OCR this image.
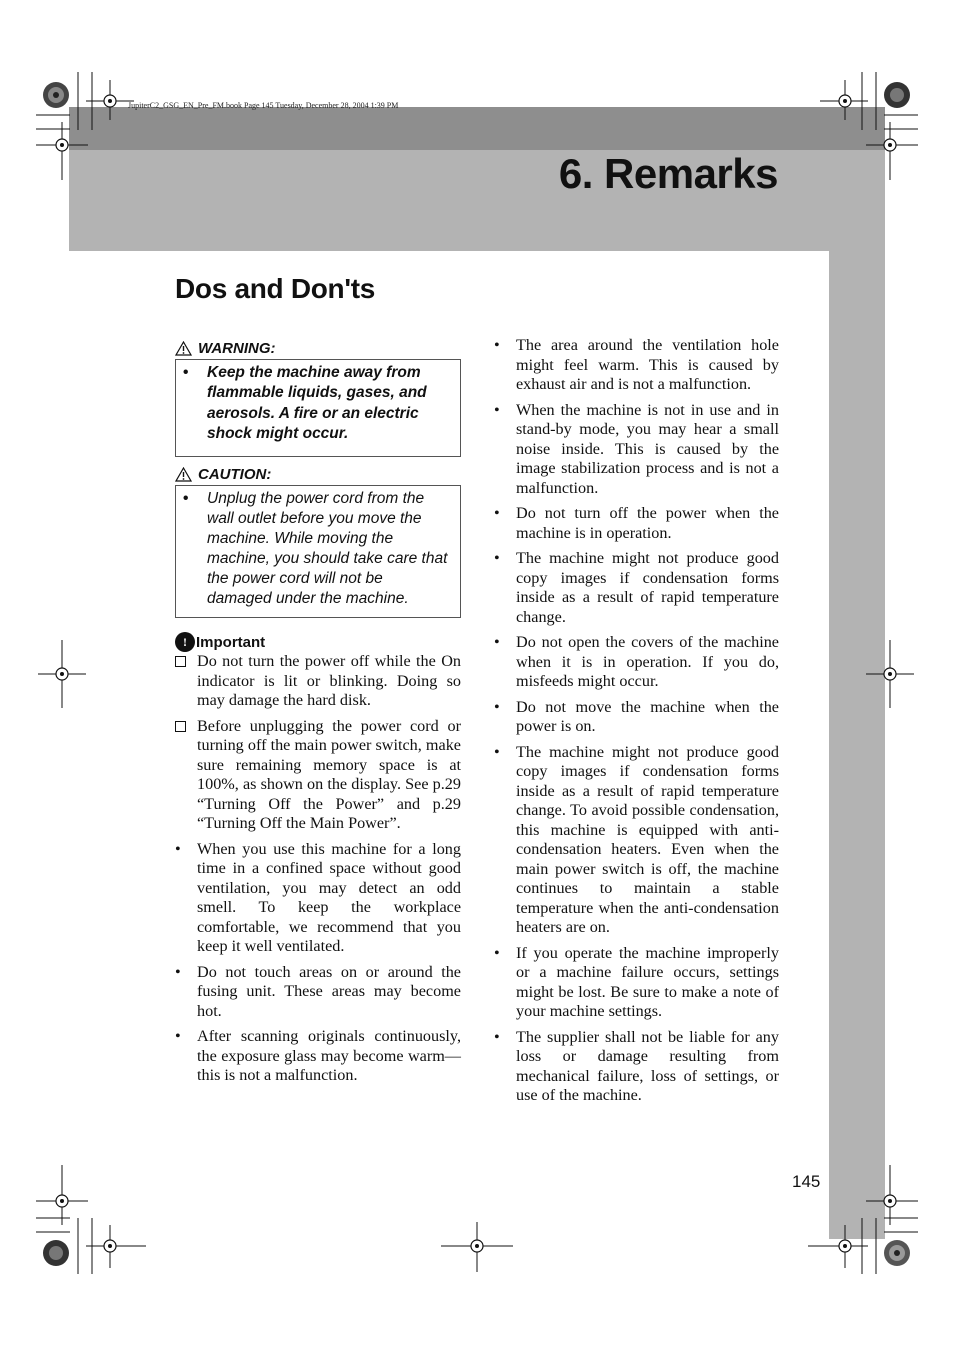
JupiterC2_GSG_EN_Pre_FM.book Page 145 Tuesday, December 28, 2004 1:39 PM
6. Remarks
Dos and Don'ts
WARNING:
•	Keep the machine away from flammable liquids, gases, and aerosols. A fire or an electric shock might occur.
CAUTION:
•	Unplug the power cord from the wall outlet before you move the machine. While moving the machine, you should take care that the power cord will not be damaged under the machine.
! Important
Do not turn the power off while the On indicator is lit or blinking. Doing so may damage the hard disk.
Before unplugging the power cord or turning off the main power switch, make sure remaining memory space is at 100%, as shown on the display. See p.29 “Turning Off the Power” and p.29 “Turning Off the Main Power”.
•	When you use this machine for a long time in a confined space without good ventilation, you may detect an odd smell. To keep the workplace comfortable, we recommend that you keep it well ventilated.
•	Do not touch areas on or around the fusing unit. These areas may become hot.
•	After scanning originals continuously, the exposure glass may become warm—this is not a malfunction.
•	The area around the ventilation hole might feel warm. This is caused by exhaust air and is not a malfunction.
•	When the machine is not in use and in stand-by mode, you may hear a small noise inside. This is caused by the image stabilization process and is not a malfunction.
•	Do not turn off the power when the machine is in operation.
•	The machine might not produce good copy images if condensation forms inside as a result of rapid temperature change.
•	Do not open the covers of the machine when it is in operation. If you do, misfeeds might occur.
•	Do not move the machine when the power is on.
•	The machine might not produce good copy images if condensation forms inside as a result of rapid temperature change. To avoid possible condensation, this machine is equipped with anti-condensation heaters. Even when the main power switch is off, the machine continues to maintain a stable temperature when the anti-condensation heaters are on.
•	If you operate the machine improperly or a machine failure occurs, settings might be lost. Be sure to make a note of your machine settings.
•	The supplier shall not be liable for any loss or damage resulting from mechanical failure, loss of settings, or use of the machine.
145
